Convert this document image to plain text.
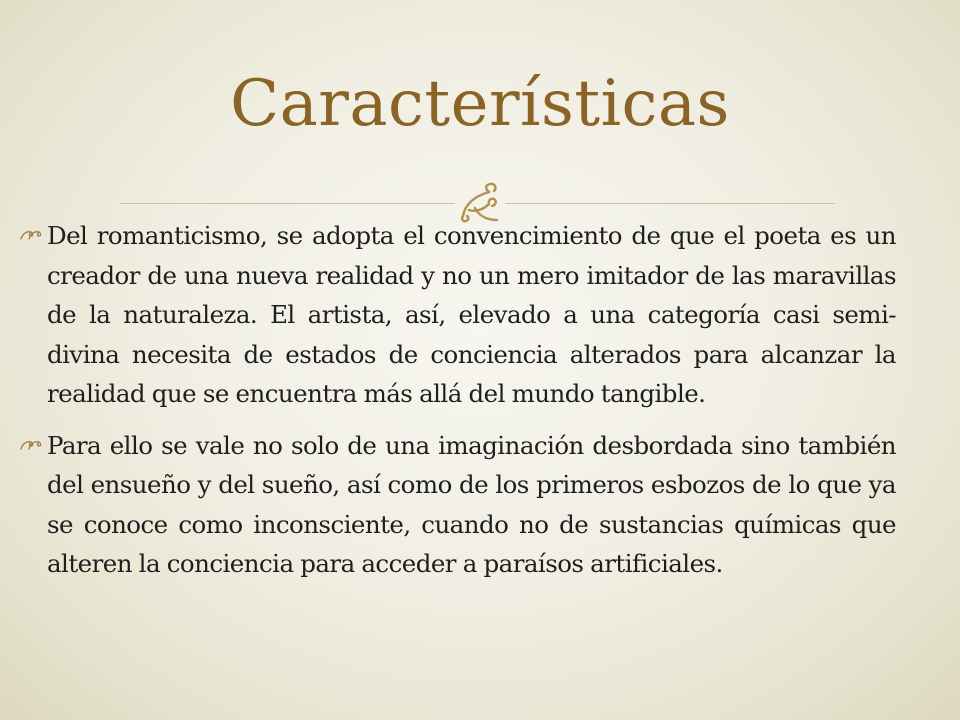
Características
Del romanticismo, se adopta el convencimiento de que el poeta es un creador de una nueva realidad y no un mero imitador de las maravillas de la naturaleza. El artista, así, elevado a una categoría casi semi-divina necesita de estados de conciencia alterados para alcanzar la realidad que se encuentra más allá del mundo tangible.
Para ello se vale no solo de una imaginación desbordada sino también del ensueño y del sueño, así como de los primeros esbozos de lo que ya se conoce como inconsciente, cuando no de sustancias químicas que alteren la conciencia para acceder a paraísos artificiales.
